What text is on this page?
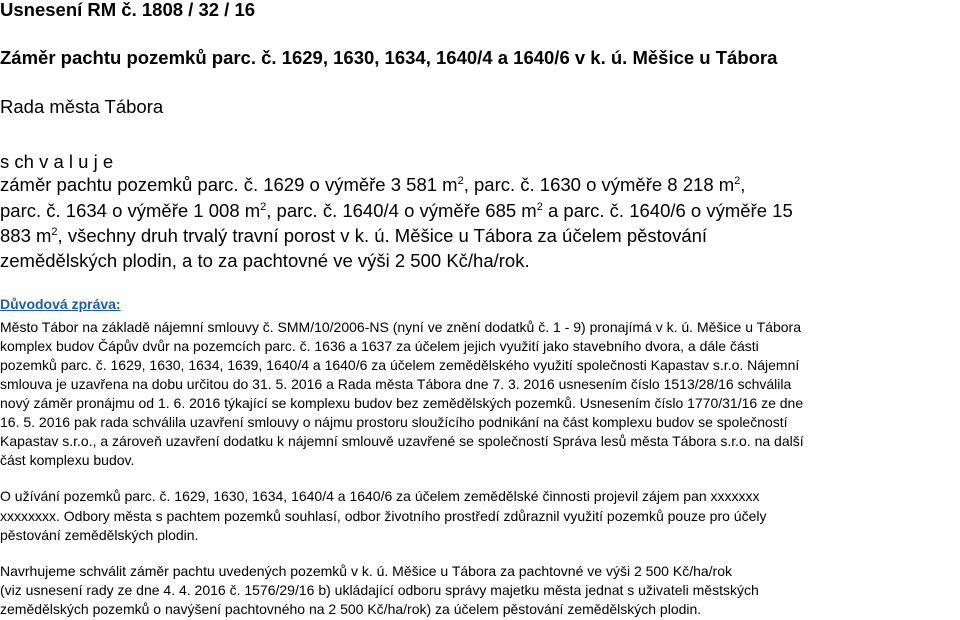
Usnesení RM č. 1808 / 32 / 16
Záměr pachtu pozemků parc. č. 1629, 1630, 1634, 1640/4 a 1640/6 v k. ú. Měšice u Tábora
Rada města Tábora
s ch v a l u j e
záměr pachtu pozemků parc. č. 1629 o výměře 3 581 $m^2$, parc. č. 1630 o výměře 8 218 $m^2$,
parc. č. 1634 o výměře 1 008 $m^2$, parc. č. 1640/4 o výměře 685 $m^2$ a parc. č. 1640/6 o výměře 15
883 $m^2$, všechny druh trvalý travní porost v k. ú. Měšice u Tábora za účelem pěstování
zemědělských plodin, a to za pachtovné ve výši 2 500 Kč/ha/rok.
Důvodová zpráva:
Město Tábor na základě nájemní smlouvy č. SMM/10/2006-NS (nyní ve znění dodatků č. 1 - 9) pronajímá v k. ú. Měšice u Tábora
komplex budov Čápův dvůr na pozemcích parc. č. 1636 a 1637 za účelem jejich využití jako stavebního dvora, a dále části
pozemků parc. č. 1629, 1630, 1634, 1639, 1640/4 a 1640/6 za účelem zemědělského využití společnosti Kapastav s.r.o. Nájemní
smlouva je uzavřena na dobu určitou do 31. 5. 2016 a Rada města Tábora dne 7. 3. 2016 usnesením číslo 1513/28/16 schválila
nový záměr pronájmu od 1. 6. 2016 týkající se komplexu budov bez zemědělských pozemků. Usnesením číslo 1770/31/16 ze dne
16. 5. 2016 pak rada schválila uzavření smlouvy o nájmu prostoru sloužícího podnikání na část komplexu budov se společností
Kapastav s.r.o., a zároveň uzavření dodatku k nájemní smlouvě uzavřené se společností Správa lesů města Tábora s.r.o. na další
část komplexu budov.
O užívání pozemků parc. č. 1629, 1630, 1634, 1640/4 a 1640/6 za účelem zemědělské činnosti projevil zájem pan xxxxxxx
xxxxxxxx. Odbory města s pachtem pozemků souhlasí, odbor životního prostředí zdůraznil využití pozemků pouze pro účely
pěstování zemědělských plodin.
Navrhujeme schválit záměr pachtu uvedených pozemků v k. ú. Měšice u Tábora za pachtovné ve výši 2 500 Kč/ha/rok
(viz usnesení rady ze dne 4. 4. 2016 č. 1576/29/16 b) ukládající odboru správy majetku města jednat s uživateli městských
zemědělských pozemků o navýšení pachtovného na 2 500 Kč/ha/rok) za účelem pěstování zemědělských plodin.
